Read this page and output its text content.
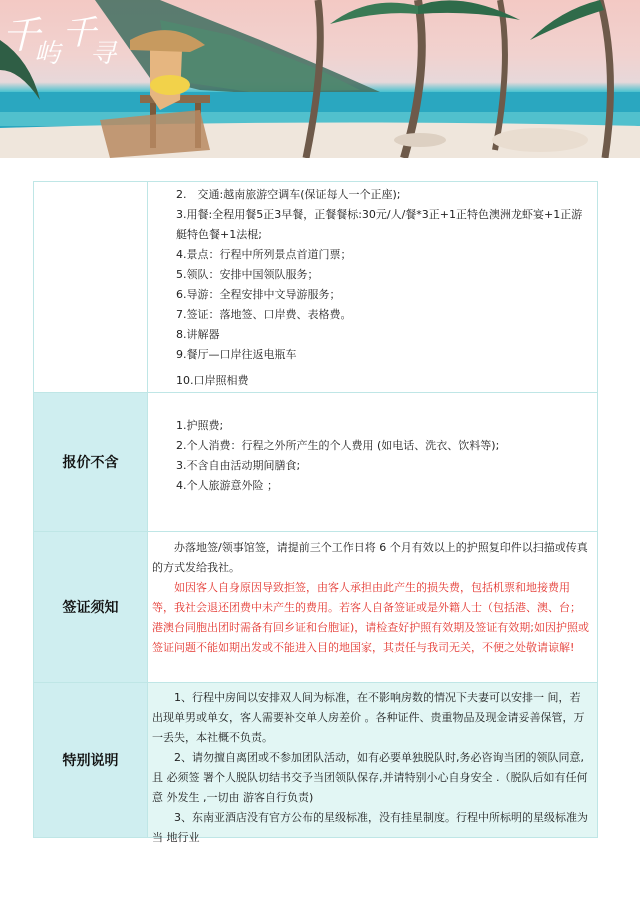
千
屿
千
寻
2.　交通:越南旅游空调车(保证每人一个正座);
3.用餐:全程用餐5正3早餐，正餐餐标:30元/人/餐*3正+1正特色澳洲龙虾宴+1正游艇特色餐+1法棍;
4.景点：行程中所列景点首道门票；
5.领队：安排中国领队服务；
6.导游：全程安排中文导游服务；
7.签证：落地签、口岸费、表格费。
8.讲解器
9.餐厅—口岸往返电瓶车
10.口岸照相费
报价不含
1.护照费;
2.个人消费：行程之外所产生的个人费用 (如电话、洗衣、饮料等);
3.不含自由活动期间膳食;
4.个人旅游意外险 ；
签证须知
办落地签/领事馆签，请提前三个工作日将 6 个月有效以上的护照复印件以扫描或传真的方式发给我社。
如因客人自身原因导致拒签，由客人承担由此产生的损失费，包括机票和地接费用等，我社会退还团费中未产生的费用。若客人自备签证或是外籍人士（包括港、澳、台；港澳台同胞出团时需备有回乡证和台胞证)，请检查好护照有效期及签证有效期;如因护照或签证问题不能如期出发或不能进入目的地国家，其责任与我司无关，不便之处敬请谅解!
特别说明
1、行程中房间以安排双人间为标准，在不影响房数的情况下夫妻可以安排一 间，若出现单男或单女，客人需要补交单人房差价 。各种证件、贵重物品及现金请妥善保管，万一丢失，本社概不负责。
2、请勿擅自离团或不参加团队活动，如有必要单独脱队时,务必咨询当团的领队同意,且 必须签 署个人脱队切结书交予当团领队保存,并请特别小心自身安全 .（脱队后如有任何意 外发生 ,一切由 游客自行负责)
3、东南亚酒店没有官方公布的星级标准，没有挂星制度。行程中所标明的星级标准为当 地行业
